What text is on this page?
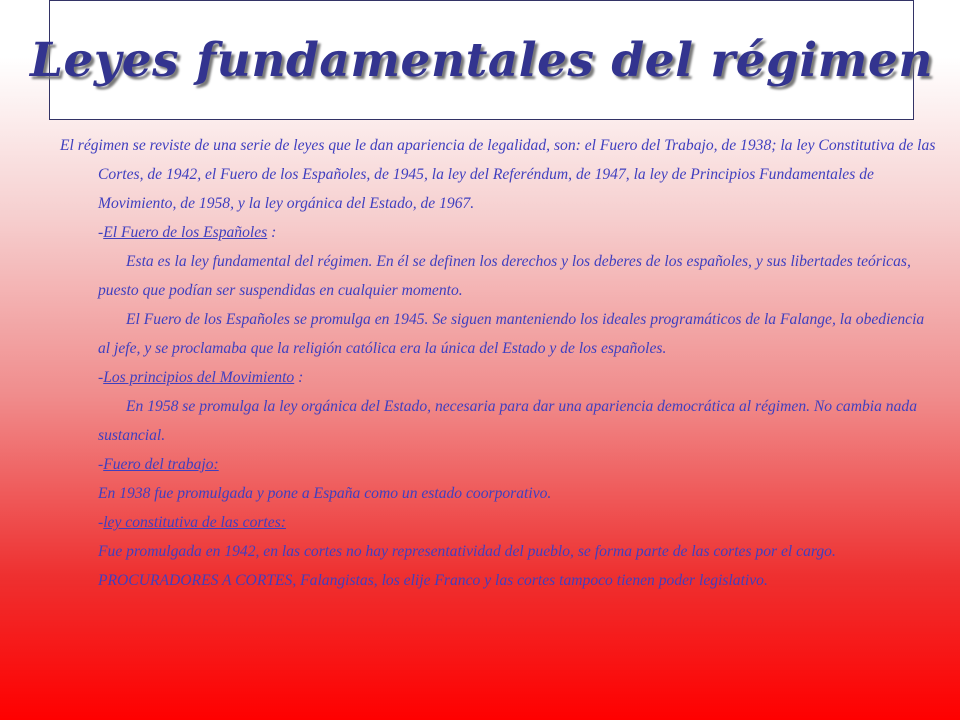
Leyes fundamentales del régimen

El régimen se reviste de una serie de leyes que le dan apariencia de legalidad, son: el Fuero del Trabajo, de 1938; la ley Constitutiva de las Cortes, de 1942, el Fuero de los Españoles, de 1945, la ley del Referéndum, de 1947, la ley de Principios Fundamentales de Movimiento, de 1958, y la ley orgánica del Estado, de 1967.

-El Fuero de los Españoles :

Esta es la ley fundamental del régimen. En él se definen los derechos y los deberes de los españoles, y sus libertades teóricas, puesto que podían ser suspendidas en cualquier momento.

El Fuero de los Españoles se promulga en 1945. Se siguen manteniendo los ideales programáticos de la Falange, la obediencia al jefe, y se proclamaba que la religión católica era la única del Estado y de los españoles.

-Los principios del Movimiento :

En 1958 se promulga la ley orgánica del Estado, necesaria para dar una apariencia democrática al régimen. No cambia nada sustancial.

-Fuero del trabajo:

En 1938 fue promulgada y pone a España como un estado coorporativo.

-ley constitutiva de las cortes:

Fue promulgada en 1942, en las cortes no hay representatividad del pueblo, se forma parte de las cortes por el cargo. PROCURADORES A CORTES, Falangistas, los elije Franco y las cortes tampoco tienen poder legislativo.
